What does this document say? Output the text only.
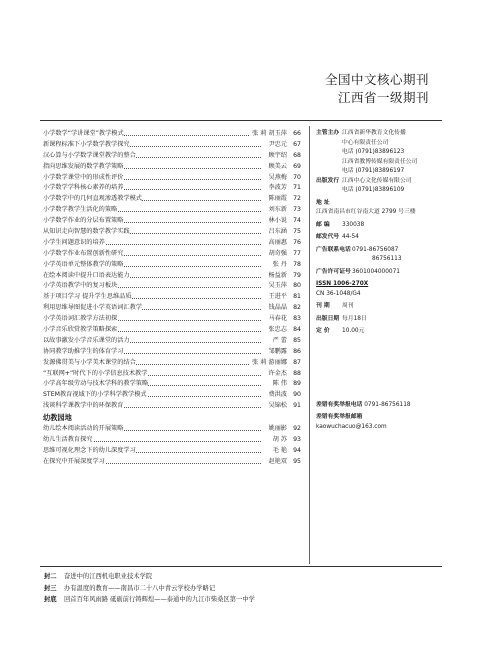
全国中文核心期刊
江西省一级期刊
小学数学“学讲课堂”教学模式	张 莉 胡玉萍 66
新课程标准下小学数学教学探究	尹忠元 67
汉心算与小学数学课堂教学的整合	顾宇绍 68
指向思维发展的数学教学策略	顾美云 69
小学数学课堂中的形成性评价	吴燕梅 70
小学数学学科核心素养的培养	李波芳 71
小学数学中的几何直观渗透教学模式	陈丽霞 72
小学数学教学生活化的策略	刘东新 73
小学数学作业的分层布置策略	林小说 74
从知识走向智慧的数学教学实践	吕东涵 75
小学生问题意识的培养	高丽惠 76
小学数学作业布置创新性研究	胡奇强 77
小学英语单元整体教学的策略	张 丹 78
在绘本阅读中提升口语表达能力	杨益新 79
小学英语教学中的复习板块	吴玉萍 80
基于项目学习 提升学生思维品质	王进平 81
利用思维导图促进小学英语词汇教学	钱晶晶 82
小学英语词汇教学方法初探	马春花 83
小学音乐欣赏教学策略探索	张忠志 84
以故事激发小学音乐课堂的活力	严 蕾 85
协同教学助推学生的体育学习	邹鹏露 86
发源佛贯美与小学美术课堂的结合	张 莉 游丽娜 87
“互联网+”时代下的小学信息技术教学	许金杰 88
小学高年级劳动与技术学科的教学策略	陈 伟 89
STEM教育视域下的小学科学教学模式	费洪波 90
浅谈科学课教学中的环保教育	吴锦松 91
幼教园地
幼儿绘本阅读活动的开展策略	姚丽影 92
幼儿生活教育探究	胡 苏 93
思维可视化理念下的幼儿深度学习	毛 艳 94
在探究中开展深度学习	赵艳双 95
主管主办 江西省新华教育文化传播
中心有限责任公司
电话 (0791)83896123
江西省教博传媒有限责任公司
电话 (0791)83896197
出版发行 江西中心文化传媒有限公司
电话 (0791)83896109
地 址
江西省南昌市红谷南大道 2799 号三楼
邮 编 330038
邮发代号 44-54
广告联系电话 0791-86756087
86756113
广告许可证号 3601004000071
ISSN 1006-270X
CN 36-1048/G4
刊 期 周刊
出版日期 每月18日
定 价 10.00元
差错有奖举报电话 0791-86756118
差错有奖举报邮箱
kaowuchacuo@163.com
封二 奋进中的江西机电职业技术学院
封三 办有温度的教育——南昌市二十八中青云学校办学略记
封底 回首百年风雨路 砥砺前行铸辉煌——泰通中的九江市柴桑区第一中学
